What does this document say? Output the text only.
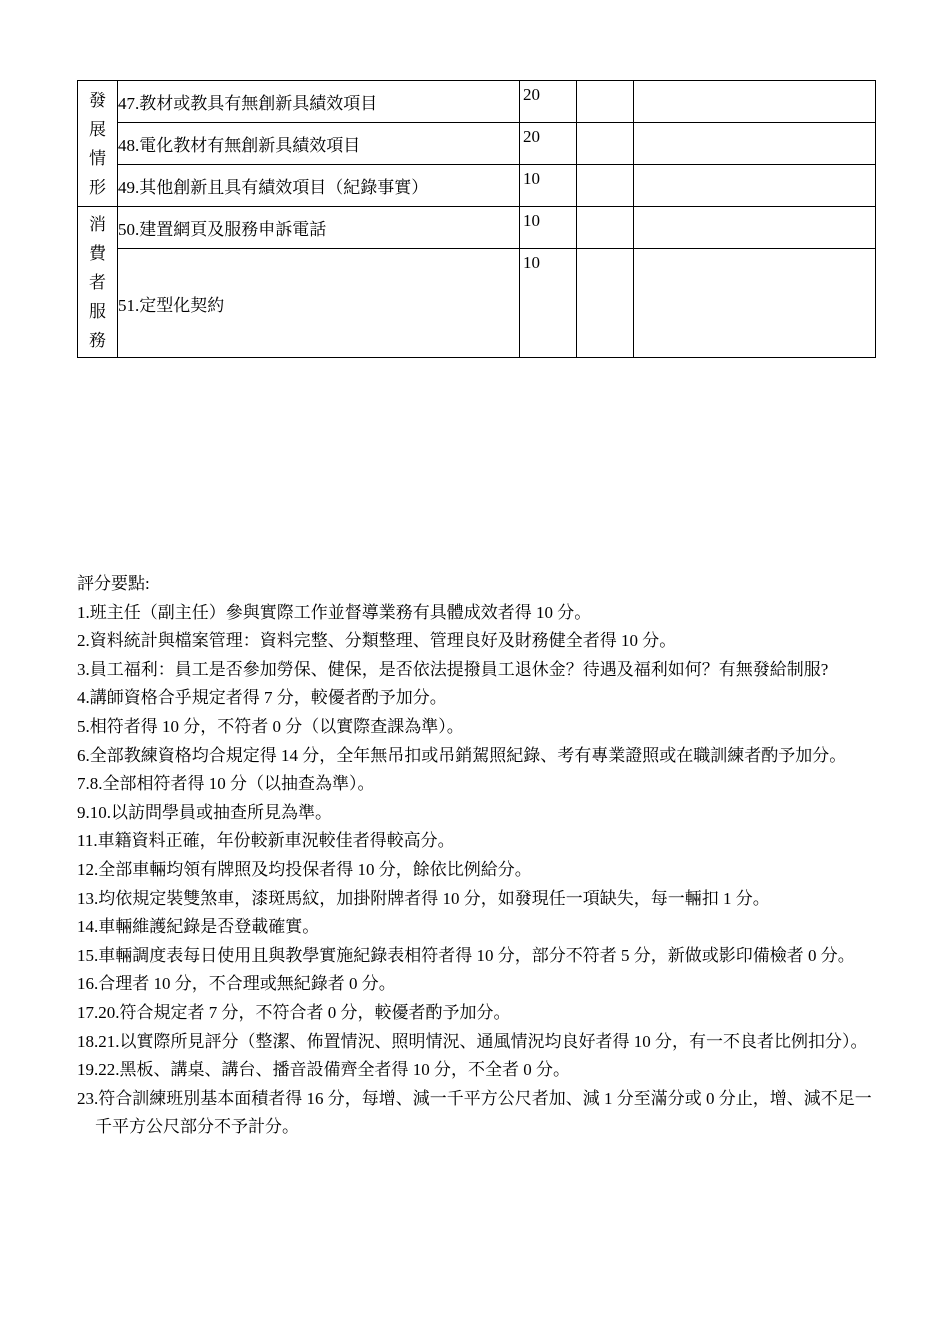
發
展
情
形	47.教材或教具有無創新具績效項目	20		
	48.電化教材有無創新具績效項目	20		
	49.其他創新且具有績效項目（紀錄事實）	10		

消
費
者
服
務	50.建置網頁及服務申訴電話	10		
	51.定型化契約	10		
評分要點:
1.班主任（副主任）參與實際工作並督導業務有具體成效者得 10 分。
2.資料統計與檔案管理：資料完整、分類整理、管理良好及財務健全者得 10 分。
3.員工福利：員工是否參加勞保、健保，是否依法提撥員工退休金？待遇及福利如何？有無發給制服?
4.講師資格合乎規定者得 7 分，較優者酌予加分。
5.相符者得 10 分，不符者 0 分（以實際查課為準）。
6.全部教練資格均合規定得 14 分，全年無吊扣或吊銷駕照紀錄、考有專業證照或在職訓練者酌予加分。
7.8.全部相符者得 10 分（以抽查為準）。
9.10.以訪問學員或抽查所見為準。
11.車籍資料正確，年份較新車況較佳者得較高分。
12.全部車輛均領有牌照及均投保者得 10 分，餘依比例給分。
13.均依規定裝雙煞車，漆斑馬紋，加掛附牌者得 10 分，如發現任一項缺失，每一輛扣 1 分。
14.車輛維護紀錄是否登載確實。
15.車輛調度表每日使用且與教學實施紀錄表相符者得 10 分，部分不符者 5 分，新做或影印備檢者 0 分。
16.合理者 10 分，不合理或無紀錄者 0 分。
17.20.符合規定者 7 分，不符合者 0 分，較優者酌予加分。
18.21.以實際所見評分（整潔、佈置情況、照明情況、通風情況均良好者得 10 分，有一不良者比例扣分）。
19.22.黑板、講桌、講台、播音設備齊全者得 10 分，不全者 0 分。
23.符合訓練班別基本面積者得 16 分，每增、減一千平方公尺者加、減 1 分至滿分或 0 分止，增、減不足一千平方公尺部分不予計分。
